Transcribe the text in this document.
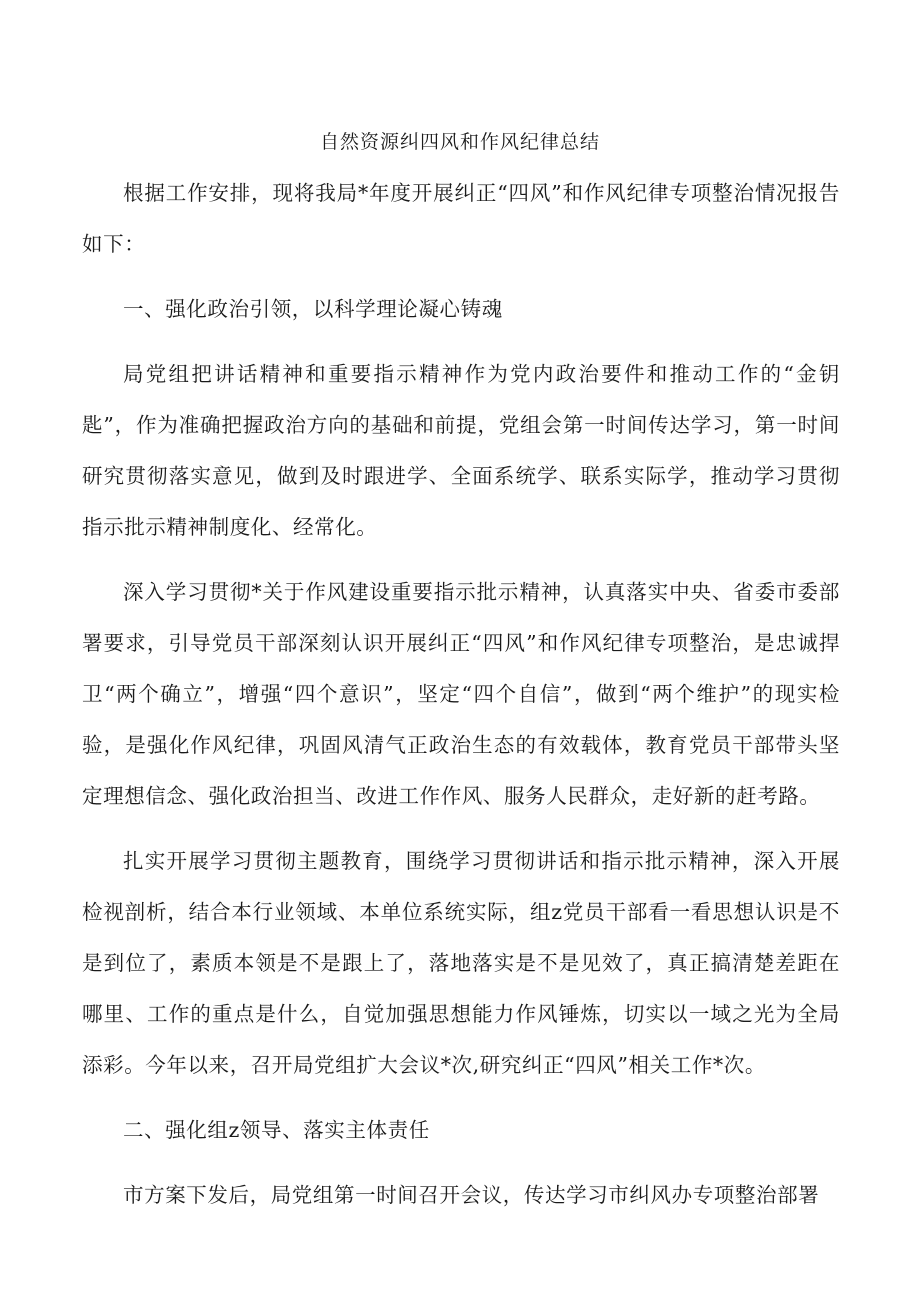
自然资源纠四风和作风纪律总结

根据工作安排，现将我局*年度开展纠正“四风”和作风纪律专项整治情况报告如下：

一、强化政治引领，以科学理论凝心铸魂

局党组把讲话精神和重要指示精神作为党内政治要件和推动工作的“金钥匙”，作为准确把握政治方向的基础和前提，党组会第一时间传达学习，第一时间研究贯彻落实意见，做到及时跟进学、全面系统学、联系实际学，推动学习贯彻指示批示精神制度化、经常化。

深入学习贯彻*关于作风建设重要指示批示精神，认真落实中央、省委市委部署要求，引导党员干部深刻认识开展纠正“四风”和作风纪律专项整治，是忠诚捍卫“两个确立”，增强“四个意识”，坚定“四个自信”，做到“两个维护”的现实检验，是强化作风纪律，巩固风清气正政治生态的有效载体，教育党员干部带头坚定理想信念、强化政治担当、改进工作作风、服务人民群众，走好新的赶考路。

扎实开展学习贯彻主题教育，围绕学习贯彻讲话和指示批示精神，深入开展检视剖析，结合本行业领域、本单位系统实际，组z党员干部看一看思想认识是不是到位了，素质本领是不是跟上了，落地落实是不是见效了，真正搞清楚差距在哪里、工作的重点是什么，自觉加强思想能力作风锤炼，切实以一域之光为全局添彩。今年以来，召开局党组扩大会议*次,研究纠正“四风”相关工作*次。

二、强化组z领导、落实主体责任

市方案下发后，局党组第一时间召开会议，传达学习市纠风办专项整治部署
